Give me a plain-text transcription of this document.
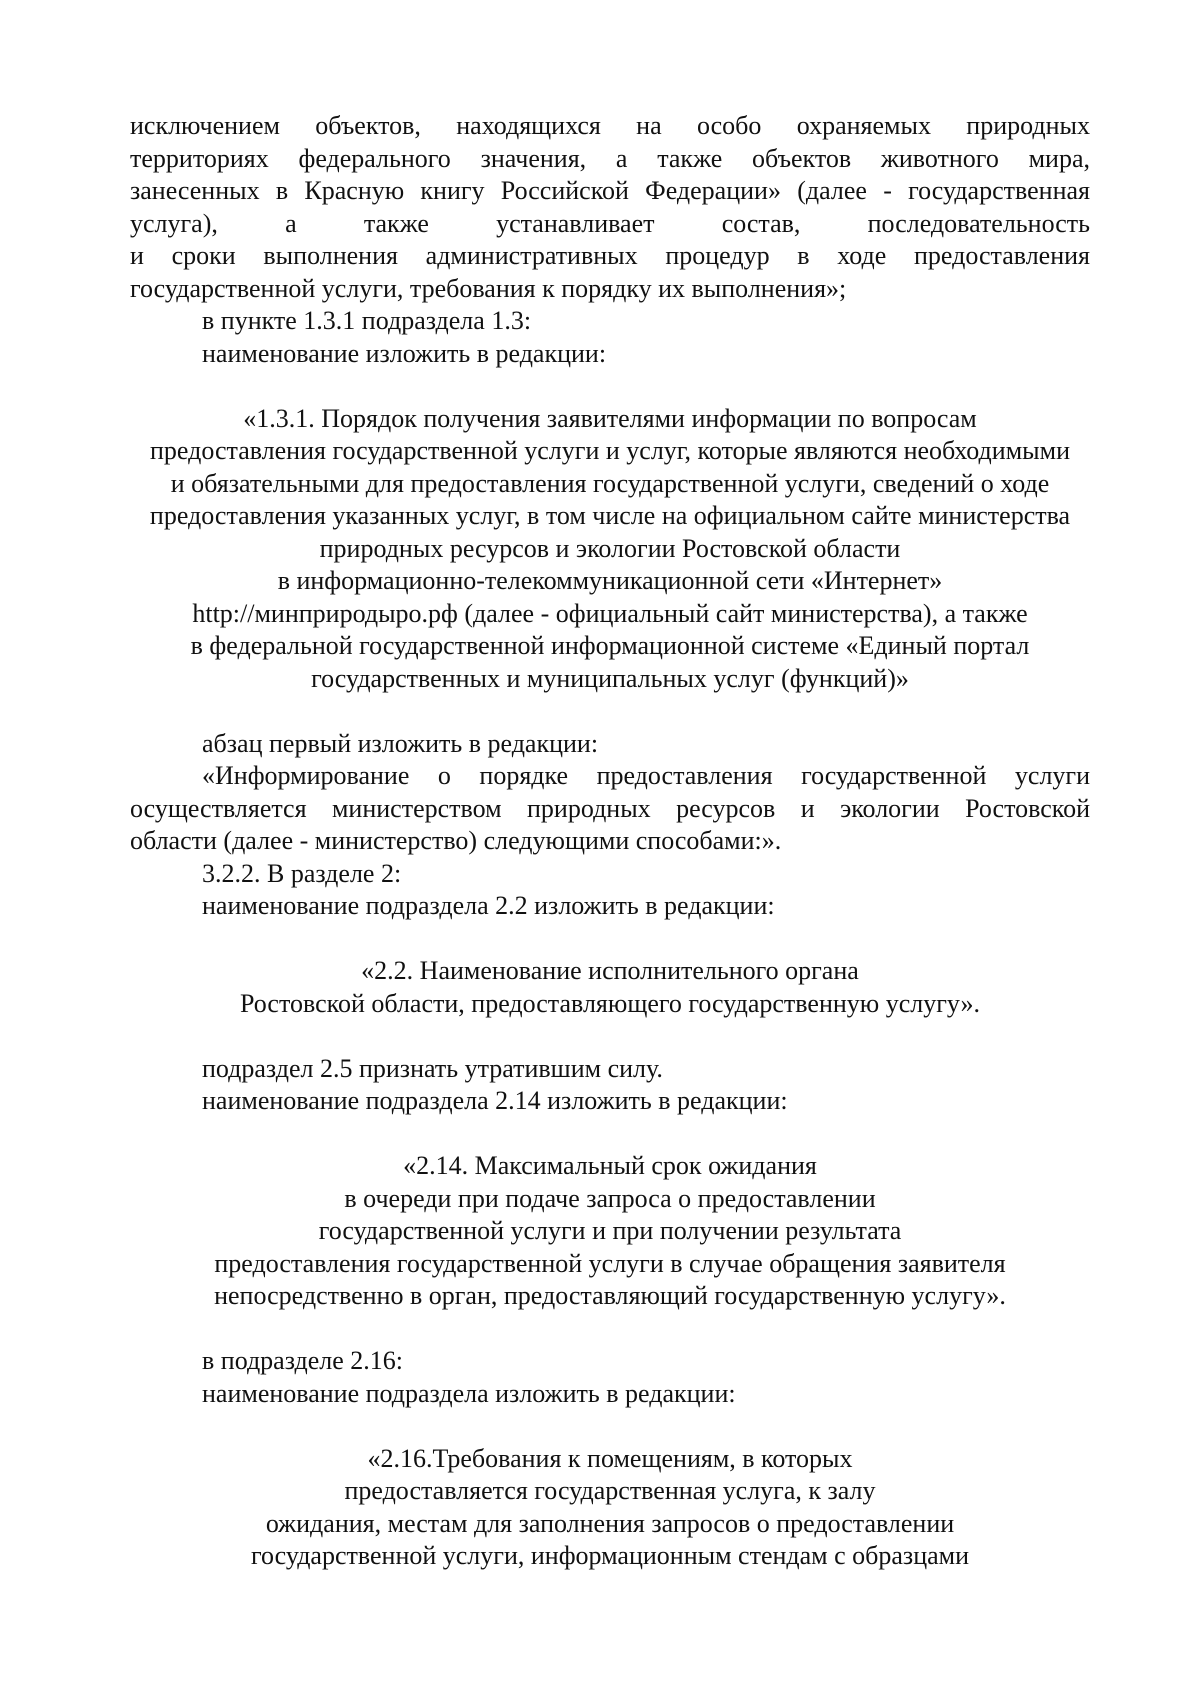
исключением объектов, находящихся на особо охраняемых природных
территориях федерального значения, а также объектов животного мира,
занесенных в Красную книгу Российской Федерации» (далее - государственная
услуга), а также устанавливает состав, последовательность
и сроки выполнения административных процедур в ходе предоставления
государственной услуги, требования к порядку их выполнения»;
в пункте 1.3.1 подраздела 1.3:
наименование изложить в редакции:
«1.3.1. Порядок получения заявителями информации по вопросам
предоставления государственной услуги и услуг, которые являются необходимыми
и обязательными для предоставления государственной услуги, сведений о ходе
предоставления указанных услуг, в том числе на официальном сайте министерства
природных ресурсов и экологии Ростовской области
в информационно-телекоммуникационной сети «Интернет»
http://минприродыро.рф (далее - официальный сайт министерства), а также
в федеральной государственной информационной системе «Единый портал
государственных и муниципальных услуг (функций)»
абзац первый изложить в редакции:
«Информирование о порядке предоставления государственной услуги
осуществляется министерством природных ресурсов и экологии Ростовской
области (далее - министерство) следующими способами:».
3.2.2. В разделе 2:
наименование подраздела 2.2 изложить в редакции:
«2.2. Наименование исполнительного органа
Ростовской области, предоставляющего государственную услугу».
подраздел 2.5 признать утратившим силу.
наименование подраздела 2.14 изложить в редакции:
«2.14. Максимальный срок ожидания
в очереди при подаче запроса о предоставлении
государственной услуги и при получении результата
предоставления государственной услуги в случае обращения заявителя
непосредственно в орган, предоставляющий государственную услугу».
в подразделе 2.16:
наименование подраздела изложить в редакции:
«2.16.Требования к помещениям, в которых
предоставляется государственная услуга, к залу
ожидания, местам для заполнения запросов о предоставлении
государственной услуги, информационным стендам с образцами
